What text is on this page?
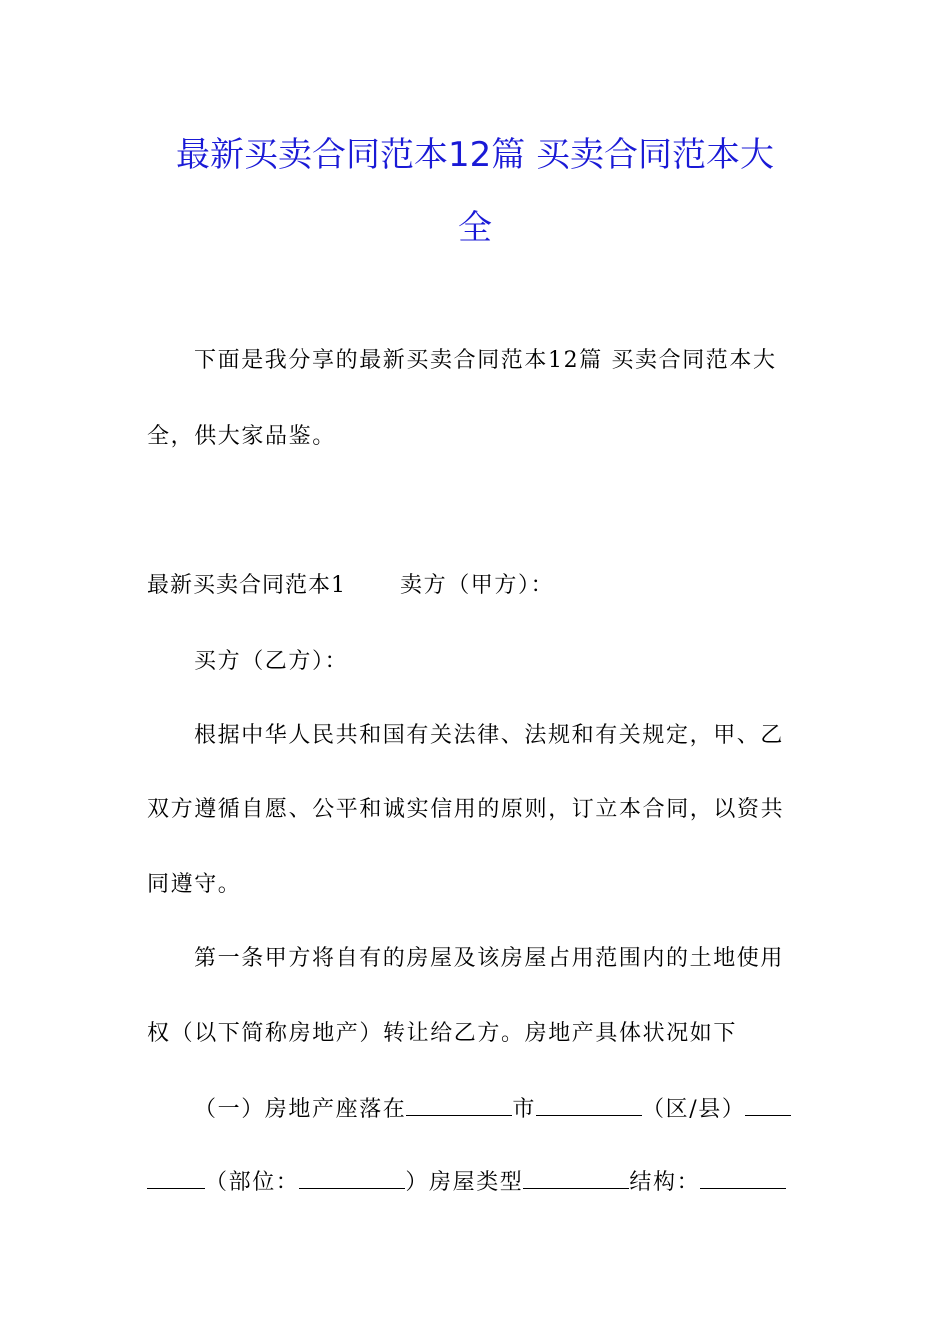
最新买卖合同范本12篇 买卖合同范本大
全

下面是我分享的最新买卖合同范本12篇 买卖合同范本大

全，供大家品鉴。

最新买卖合同范本1 卖方（甲方）：

买方（乙方）：

根据中华人民共和国有关法律、法规和有关规定，甲、乙

双方遵循自愿、公平和诚实信用的原则，订立本合同，以资共

同遵守。

第一条甲方将自有的房屋及该房屋占用范围内的土地使用

权（以下简称房地产）转让给乙方。房地产具体状况如下

（一）房地产座落在	市	（区/县）

（部位：	）房屋类型	结构：
